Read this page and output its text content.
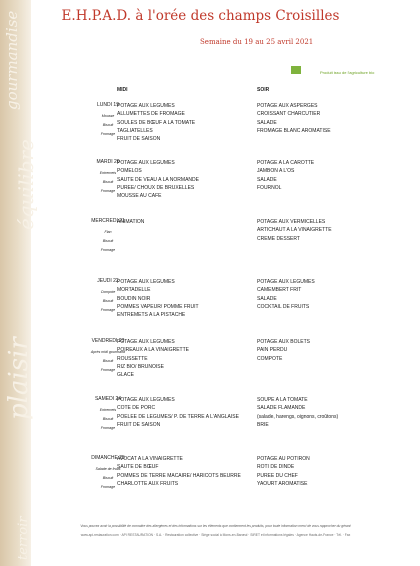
gourmandise
équilibre
plaisir
terroir
E.H.P.A.D. à l'orée des champs Croisilles
Semaine du 19 au 25 avril 2021
Produit issu de l'agriculture bio
MIDI	SOIR
LUNDI 19
Mousse
Biscuit
Fromage
POTAGE AUX LEGUMES
ALLUMETTES DE FROMAGE
SOULES DE BŒUF A LA TOMATE
TAGLIATELLES
FRUIT DE SAISON
POTAGE AUX ASPERGES
CROISSANT CHARCUTIER
SALADE
FROMAGE BLANC AROMATISE
MARDI 20
Entremets
Biscuit
Fromage
POTAGE AUX LEGUMES
POMELOS
SAUTE DE VEAU A LA NORMANDE
PUREE/ CHOUX DE BRUXELLES
MOUSSE AU CAFE
POTAGE A LA CAROTTE
JAMBON A L'OS
SALADE
FOURNOL
MERCREDI 21
Flan
Biscuit
Fromage
ANIMATION	POTAGE AUX VERMICELLES
ARTICHAUT A LA VINAIGRETTE
CREME DESSERT
JEUDI 22
Compote
Biscuit
Fromage
POTAGE AUX LEGUMES
MORTADELLE
BOUDIN NOIR
POMMES VAPEUR/ POMME FRUIT
ENTREMETS A LA PISTACHE
POTAGE AUX LEGUMES
CAMEMBERT FRIT
SALADE
COCKTAIL DE FRUITS
VENDREDI 23
Après midi gourmand
Biscuit
Fromage
POTAGE AUX LEGUMES
POIREAUX A LA VINAIGRETTE
ROUSSETTE
RIZ BIO/ BRUNOISE
GLACE
POTAGE AUX BOLETS
PAIN PERDU
COMPOTE
SAMEDI 24
Entremets
Biscuit
Fromage
POTAGE AUX LEGUMES
COTE DE PORC
POELEE DE LEGUMES/ P. DE TERRE A L'ANGLAISE
FRUIT DE SAISON
SOUPE A LA TOMATE
SALADE FLAMANDE
(salade, harengs, oignons, croûtons)
BRIE
DIMANCHE 25
Salade de fruits
Biscuit
Fromage
AVOCAT A LA VINAIGRETTE
SAUTE DE BŒUF
POMMES DE TERRE MACAIRE/ HARICOTS BEURRE
CHARLOTTE AUX FRUITS
POTAGE AU POTIRON
ROTI DE DINDE
PUREE DU CHEF
YAOURT AROMATISE
Vous pouvez avoir la possibilité de connaitre des allergènes et des informations sur les éléments que contiennent les produits, pour toute information merci de vous rapprocher du gérant
www.api-restauration.com · API RESTAURATION · S.A. · Restauration collective · Siège social à Mons-en-Barœul · SIRET et informations légales · Agence Hauts-de-France · Tél. · Fax
